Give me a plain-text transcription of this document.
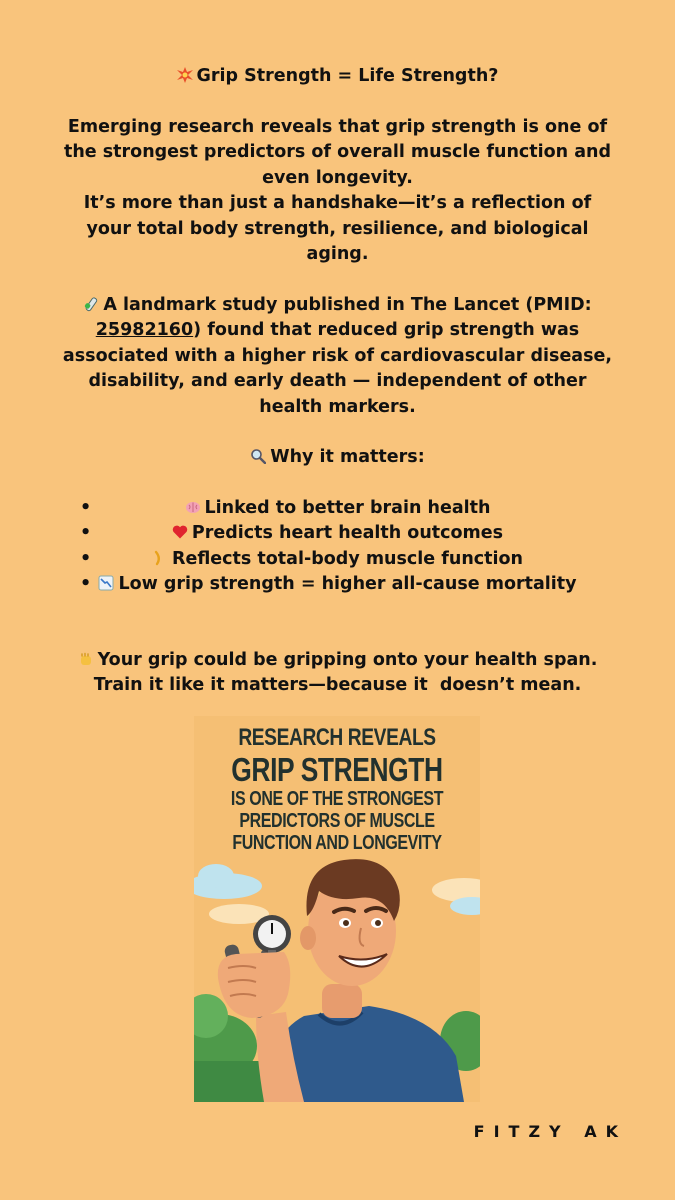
Grip Strength = Life Strength?

Emerging research reveals that grip strength is one of the strongest predictors of overall muscle function and even longevity.

It’s more than just a handshake—it’s a reflection of your total body strength, resilience, and biological aging.

A landmark study published in The Lancet (PMID: 25982160) found that reduced grip strength was associated with a higher risk of cardiovascular disease, disability, and early death — independent of other health markers.

Why it matters:

•	Linked to better brain health
•	Predicts heart health outcomes
•	Reflects total-body muscle function
• Low grip strength = higher all-cause mortality

Your grip could be gripping onto your health span.

Train it like it matters—because it  doesn’t mean.

RESEARCH REVEALS
GRIP STRENGTH
IS ONE OF THE STRONGEST
PREDICTORS OF MUSCLE
FUNCTION AND LONGEVITY
FITZY AK
